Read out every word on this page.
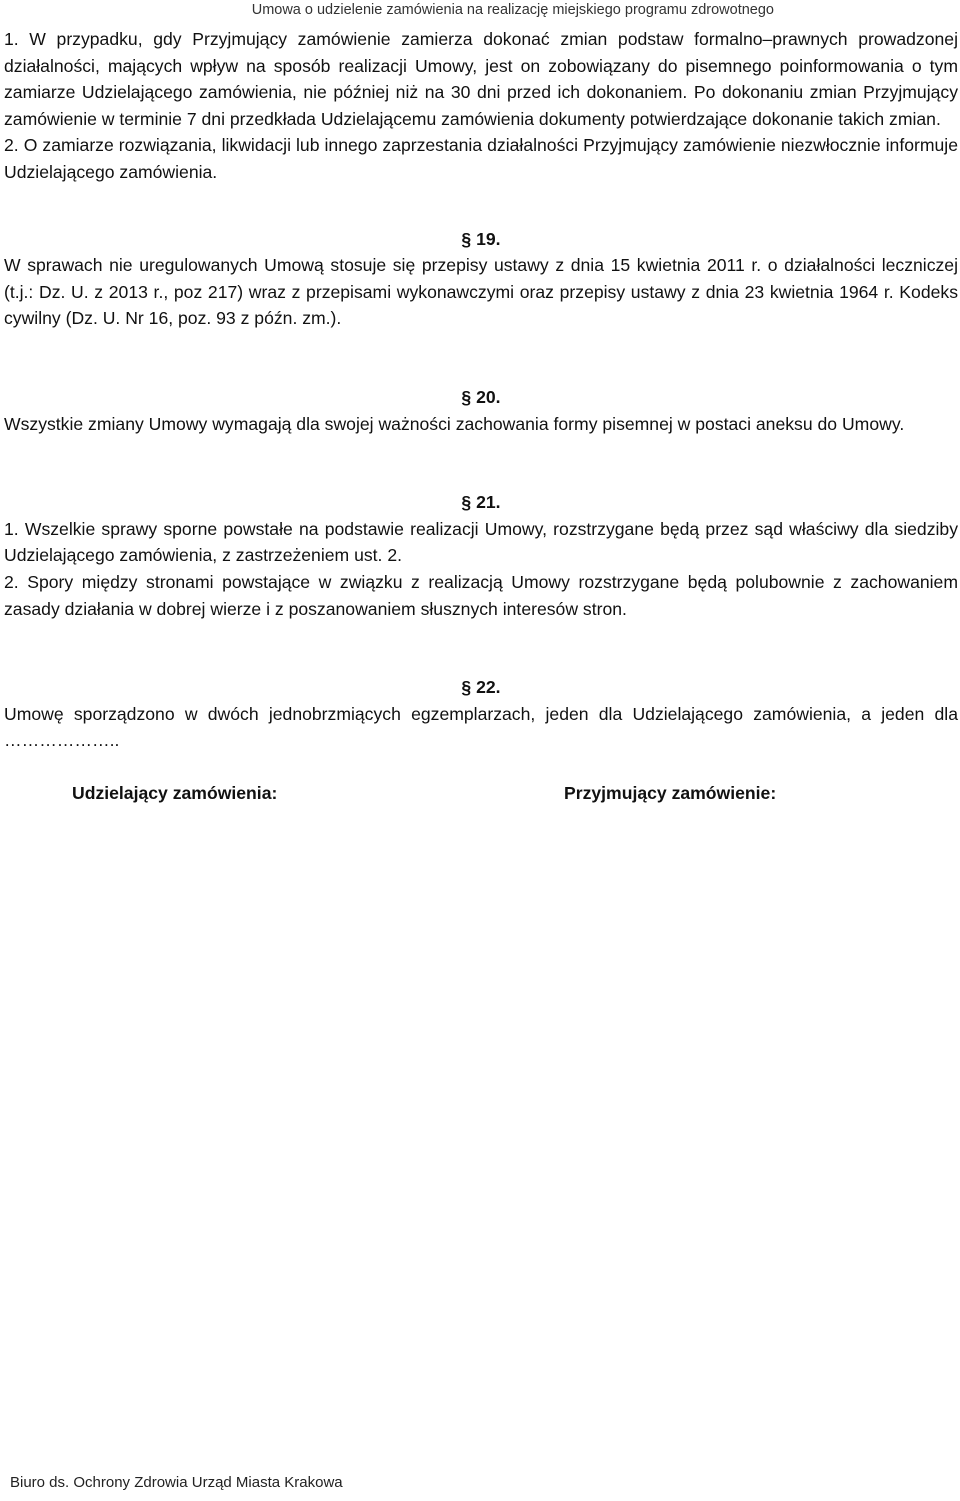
Umowa o udzielenie zamówienia na realizację miejskiego programu zdrowotnego

1. W przypadku, gdy Przyjmujący zamówienie zamierza dokonać zmian podstaw formalno–prawnych prowadzonej działalności, mających wpływ na sposób realizacji Umowy, jest on zobowiązany do pisemnego poinformowania o tym zamiarze Udzielającego zamówienia, nie później niż na 30 dni przed ich dokonaniem. Po dokonaniu zmian Przyjmujący zamówienie w terminie 7 dni przedkłada Udzielającemu zamówienia dokumenty potwierdzające dokonanie takich zmian.

2. O zamiarze rozwiązania, likwidacji lub innego zaprzestania działalności Przyjmujący zamówienie niezwłocznie informuje Udzielającego zamówienia.

§ 19.

W sprawach nie uregulowanych Umową stosuje się przepisy ustawy z dnia 15 kwietnia 2011 r. o działalności leczniczej (t.j.: Dz. U. z 2013 r., poz 217) wraz z przepisami wykonawczymi oraz przepisy ustawy z dnia 23 kwietnia 1964 r. Kodeks cywilny (Dz. U. Nr 16, poz. 93 z późn. zm.).

§ 20.

Wszystkie zmiany Umowy wymagają dla swojej ważności zachowania formy pisemnej w postaci aneksu do Umowy.

§ 21.

1. Wszelkie sprawy sporne powstałe na podstawie realizacji Umowy, rozstrzygane będą przez sąd właściwy dla siedziby Udzielającego zamówienia, z zastrzeżeniem ust. 2.

2. Spory między stronami powstające w związku z realizacją Umowy rozstrzygane będą polubownie z zachowaniem zasady działania w dobrej wierze i z poszanowaniem słusznych interesów stron.

§ 22.

Umowę sporządzono w dwóch jednobrzmiących egzemplarzach, jeden dla Udzielającego zamówienia, a jeden dla ………………..

Udzielający zamówienia:	Przyjmujący zamówienie:
Biuro ds. Ochrony Zdrowia Urząd Miasta Krakowa
